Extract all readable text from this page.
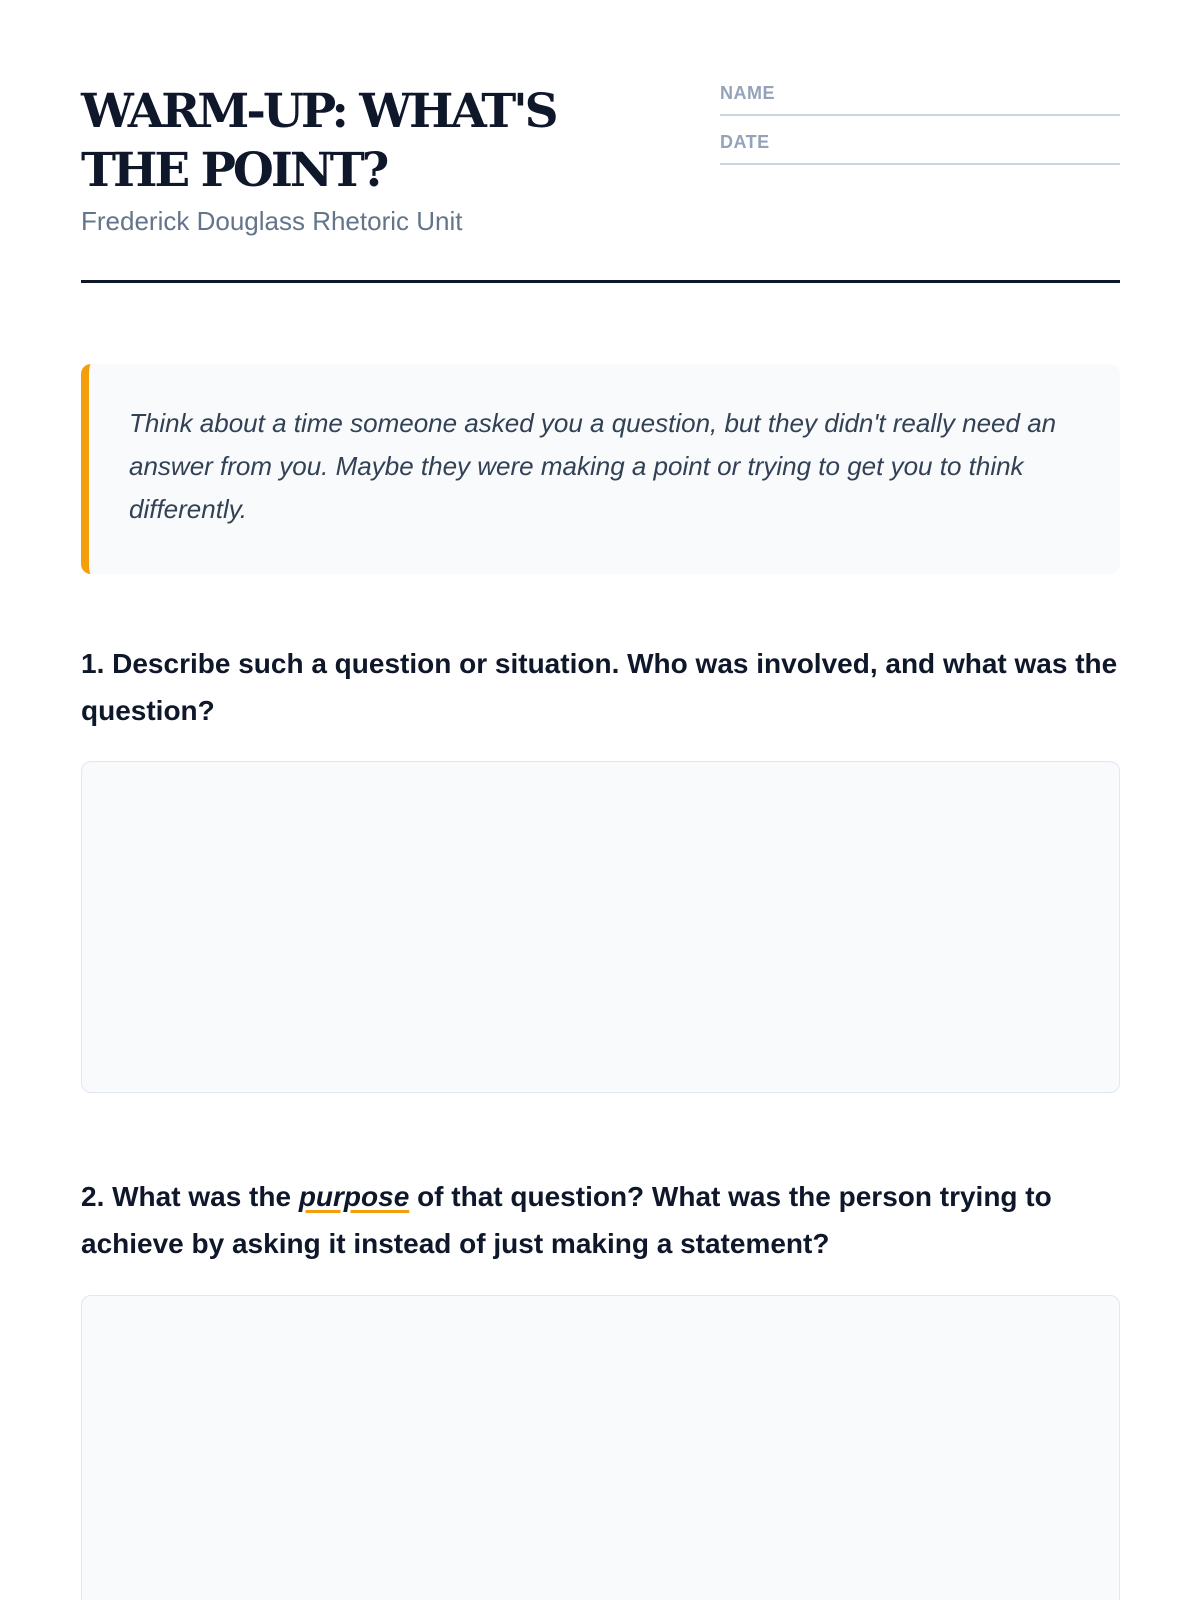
WARM-UP: WHAT'S THE POINT?
Frederick Douglass Rhetoric Unit
NAME
DATE

Think about a time someone asked you a question, but they didn't really need an answer from you. Maybe they were making a point or trying to get you to think differently.

1. Describe such a question or situation. Who was involved, and what was the question?

2. What was the purpose of that question? What was the person trying to achieve by asking it instead of just making a statement?
